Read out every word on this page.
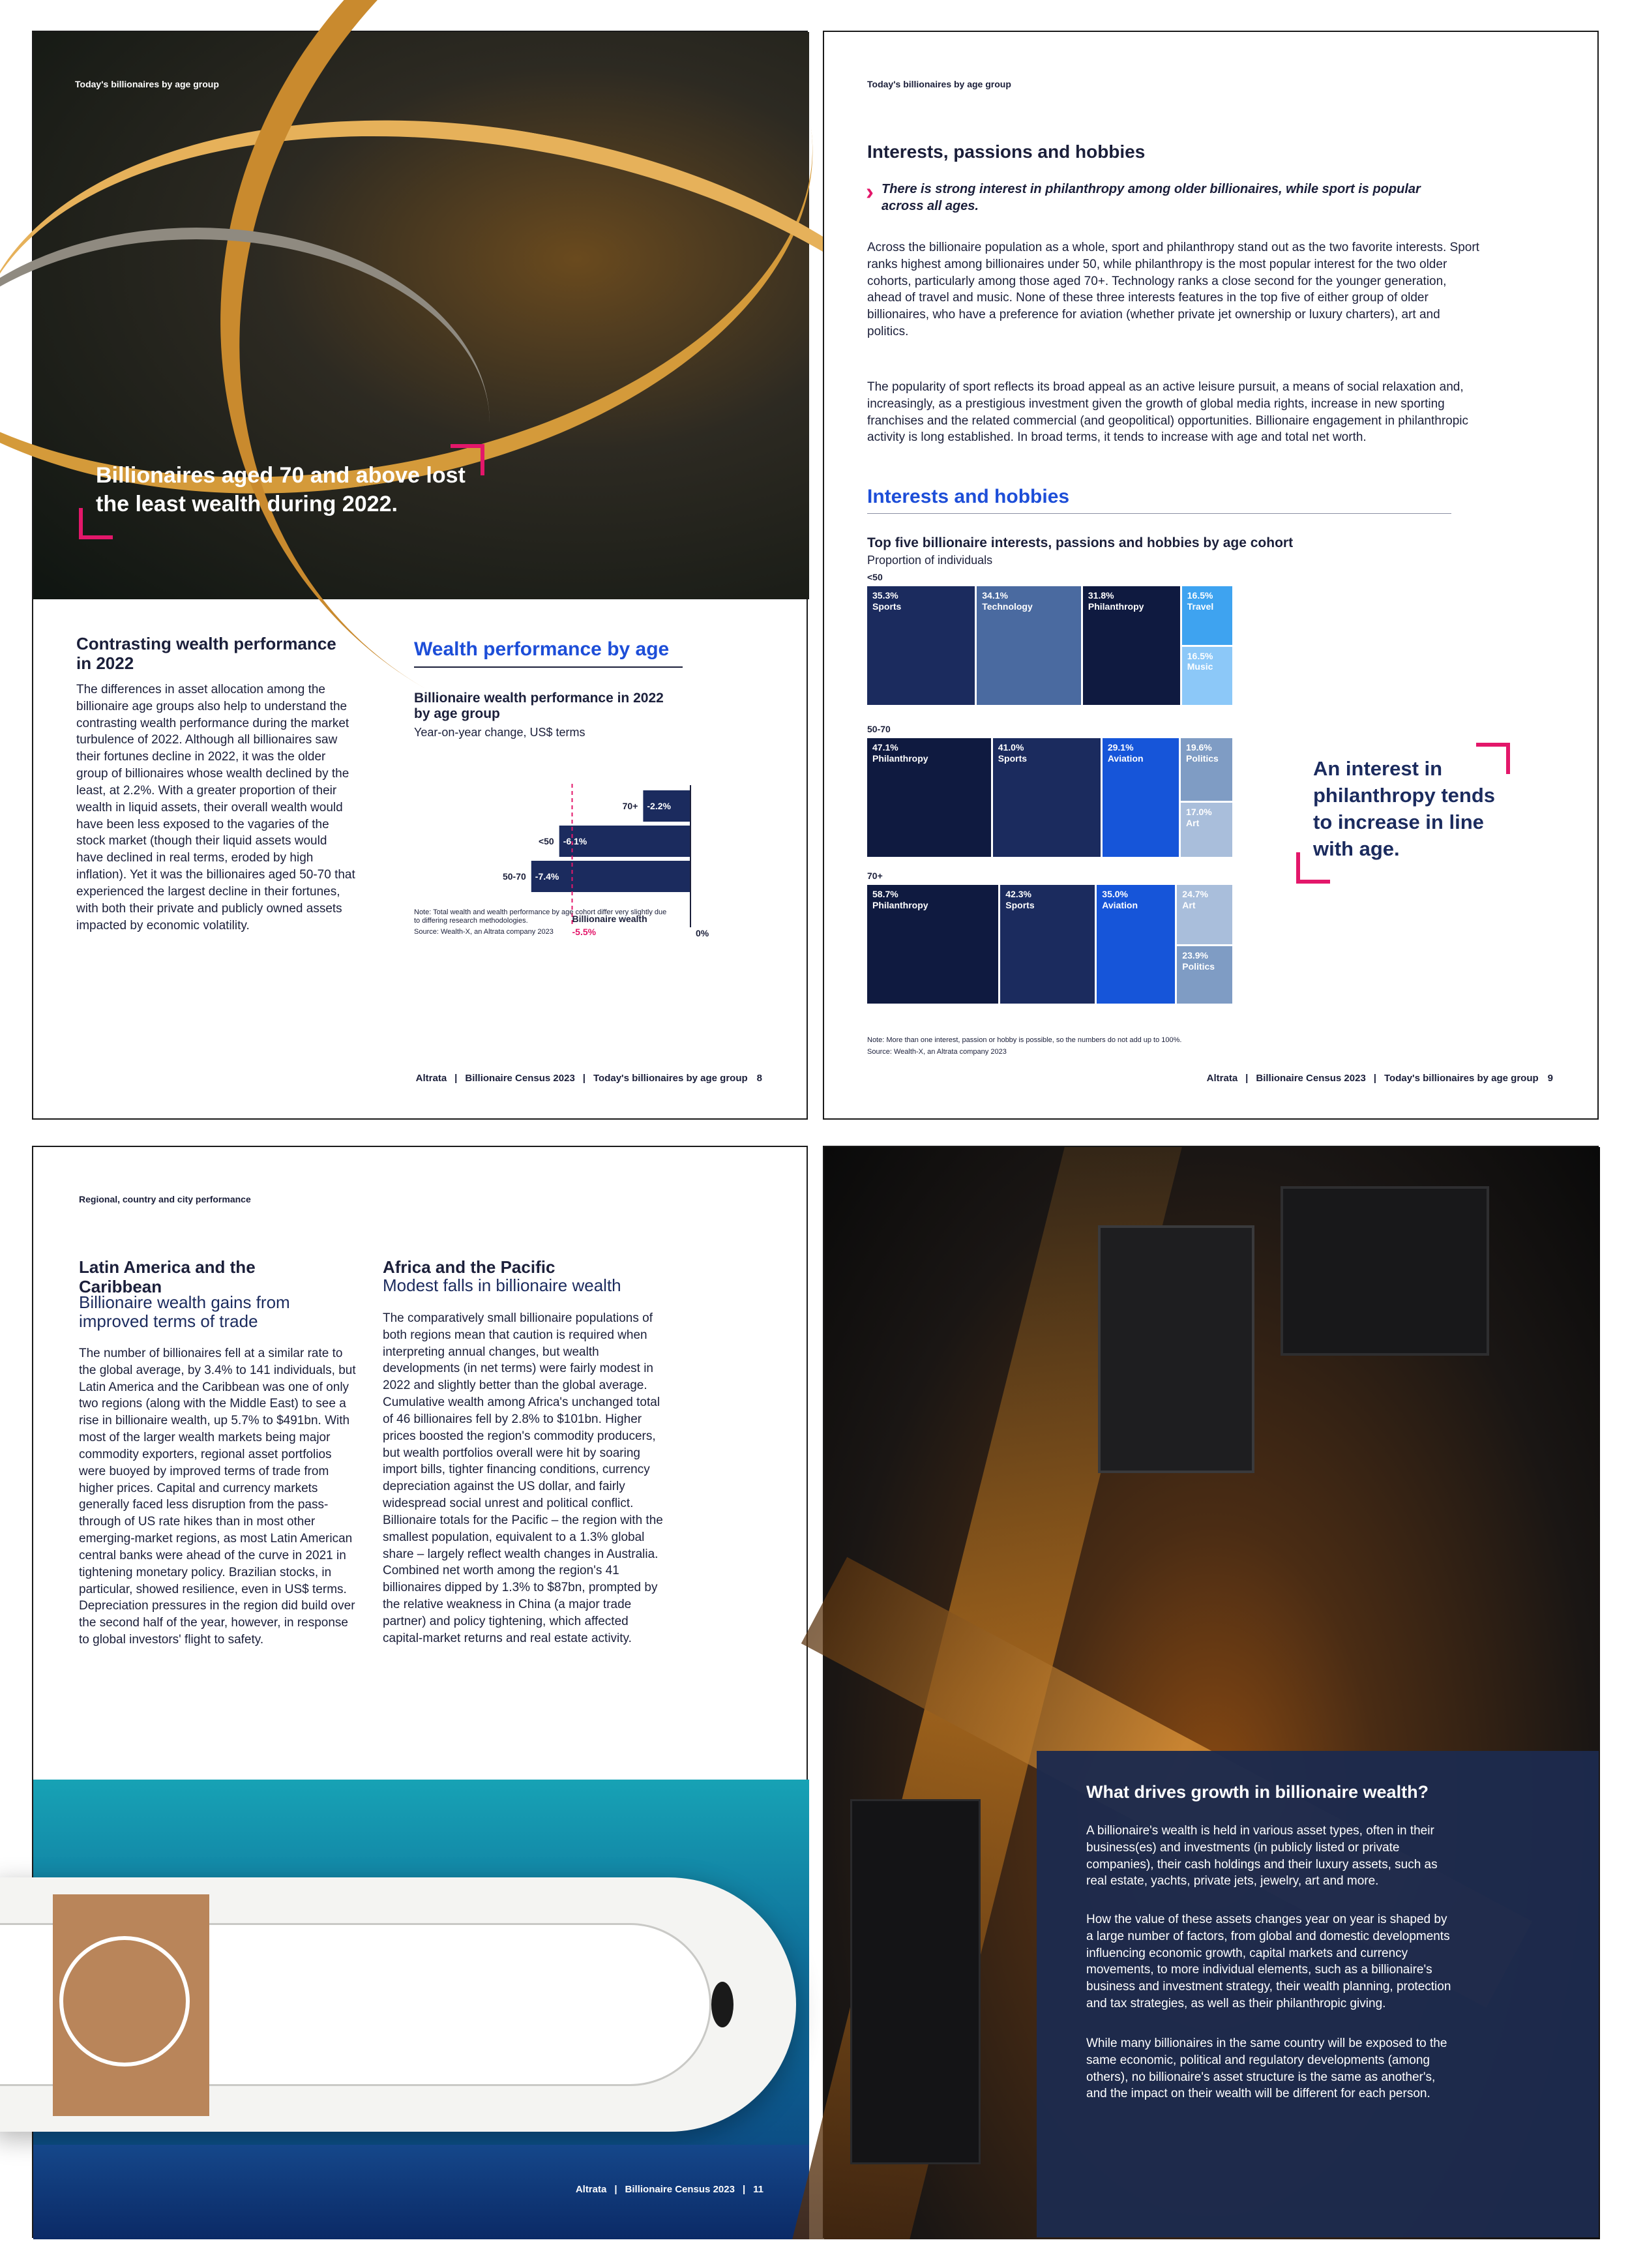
Today's billionaires by age group
Billionaires aged 70 and above lost the least wealth during 2022.
Contrasting wealth performance in 2022
The differences in asset allocation among the billionaire age groups also help to understand the contrasting wealth performance during the market turbulence of 2022. Although all billionaires saw their fortunes decline in 2022, it was the older group of billionaires whose wealth declined by the least, at 2.2%. With a greater proportion of their wealth in liquid assets, their overall wealth would have been less exposed to the vagaries of the stock market (though their liquid assets would have declined in real terms, eroded by high inflation). Yet it was the billionaires aged 50-70 that experienced the largest decline in their fortunes, with both their private and publicly owned assets impacted by economic volatility.
Wealth performance by age
Billionaire wealth performance in 2022 by age group
Year-on-year change, US$ terms
-2.2%
70+
-6.1%
<50
-7.4%
50-70
0%
Billionaire wealth
-5.5%
Note: Total wealth and wealth performance by age cohort differ very slightly due to differing research methodologies.
Source: Wealth-X, an Altrata company 2023
Altrata | Billionaire Census 2023 | Today's billionaires by age group 8
Today's billionaires by age group
Interests, passions and hobbies
› There is strong interest in philanthropy among older billionaires, while sport is popular across all ages.
Across the billionaire population as a whole, sport and philanthropy stand out as the two favorite interests. Sport ranks highest among billionaires under 50, while philanthropy is the most popular interest for the two older cohorts, particularly among those aged 70+. Technology ranks a close second for the younger generation, ahead of travel and music. None of these three interests features in the top five of either group of older billionaires, who have a preference for aviation (whether private jet ownership or luxury charters), art and politics.
The popularity of sport reflects its broad appeal as an active leisure pursuit, a means of social relaxation and, increasingly, as a prestigious investment given the growth of global media rights, increase in new sporting franchises and the related commercial (and geopolitical) opportunities. Billionaire engagement in philanthropic activity is long established. In broad terms, it tends to increase with age and total net worth.
Interests and hobbies
Top five billionaire interests, passions and hobbies by age cohort
Proportion of individuals
<50
35.3%
Sports
34.1%
Technology
31.8%
Philanthropy
16.5%
Travel
16.5%
Music
50-70
47.1%
Philanthropy
41.0%
Sports
29.1%
Aviation
19.6%
Politics
17.0%
Art
70+
58.7%
Philanthropy
42.3%
Sports
35.0%
Aviation
24.7%
Art
23.9%
Politics
An interest in philanthropy tends to increase in line with age.
Note: More than one interest, passion or hobby is possible, so the numbers do not add up to 100%.
Source: Wealth-X, an Altrata company 2023
Altrata | Billionaire Census 2023 | Today's billionaires by age group 9
Regional, country and city performance
Latin America and the Caribbean
Billionaire wealth gains from improved terms of trade
The number of billionaires fell at a similar rate to the global average, by 3.4% to 141 individuals, but Latin America and the Caribbean was one of only two regions (along with the Middle East) to see a rise in billionaire wealth, up 5.7% to $491bn. With most of the larger wealth markets being major commodity exporters, regional asset portfolios were buoyed by improved terms of trade from higher prices. Capital and currency markets generally faced less disruption from the pass-through of US rate hikes than in most other emerging-market regions, as most Latin American central banks were ahead of the curve in 2021 in tightening monetary policy. Brazilian stocks, in particular, showed resilience, even in US$ terms. Depreciation pressures in the region did build over the second half of the year, however, in response to global investors' flight to safety.
Africa and the Pacific
Modest falls in billionaire wealth
The comparatively small billionaire populations of both regions mean that caution is required when interpreting annual changes, but wealth developments (in net terms) were fairly modest in 2022 and slightly better than the global average. Cumulative wealth among Africa's unchanged total of 46 billionaires fell by 2.8% to $101bn. Higher prices boosted the region's commodity producers, but wealth portfolios overall were hit by soaring import bills, tighter financing conditions, currency depreciation against the US dollar, and fairly widespread social unrest and political conflict. Billionaire totals for the Pacific – the region with the smallest population, equivalent to a 1.3% global share – largely reflect wealth changes in Australia. Combined net worth among the region's 41 billionaires dipped by 1.3% to $87bn, prompted by the relative weakness in China (a major trade partner) and policy tightening, which affected capital-market returns and real estate activity.
Altrata | Billionaire Census 2023 | 11
What drives growth in billionaire wealth?
A billionaire's wealth is held in various asset types, often in their business(es) and investments (in publicly listed or private companies), their cash holdings and their luxury assets, such as real estate, yachts, private jets, jewelry, art and more.
How the value of these assets changes year on year is shaped by a large number of factors, from global and domestic developments influencing economic growth, capital markets and currency movements, to more individual elements, such as a billionaire's business and investment strategy, their wealth planning, protection and tax strategies, as well as their philanthropic giving.
While many billionaires in the same country will be exposed to the same economic, political and regulatory developments (among others), no billionaire's asset structure is the same as another's, and the impact on their wealth will be different for each person.
